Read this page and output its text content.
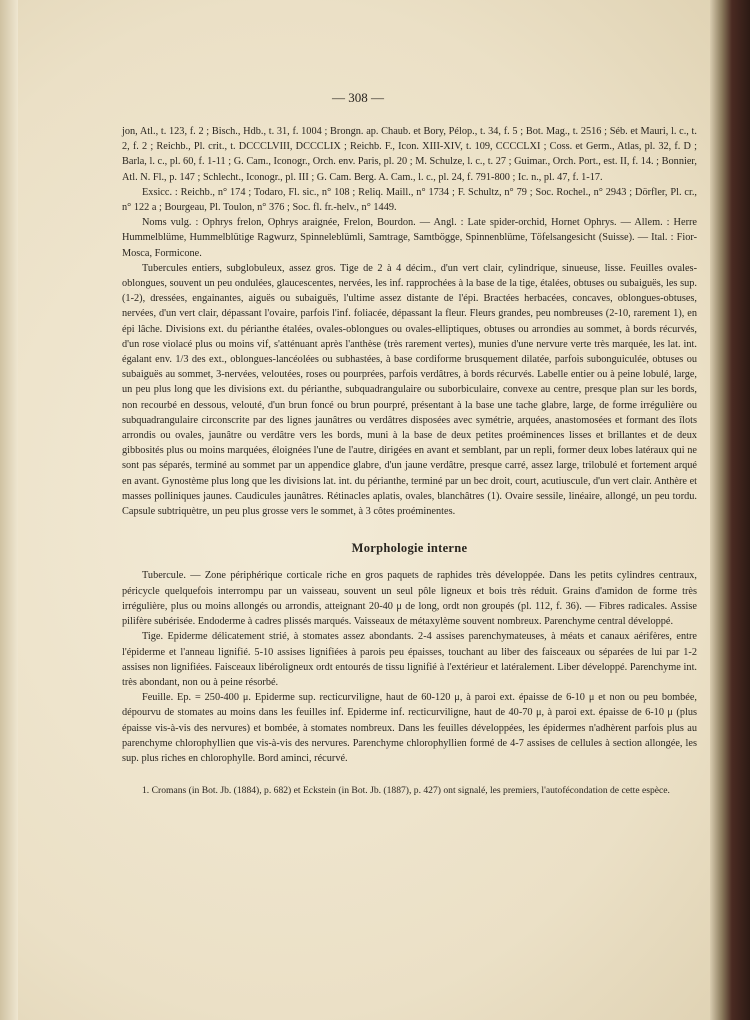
— 308 —

jon, Atl., t. 123, f. 2 ; Bisch., Hdb., t. 31, f. 1004 ; Brongn. ap. Chaub. et Bory, Pélop., t. 34, f. 5 ; Bot. Mag., t. 2516 ; Séb. et Mauri, l. c., t. 2, f. 2 ; Reichb., Pl. crit., t. DCCCLVIII, DCCCLIX ; Reichb. F., Icon. XIII-XIV, t. 109, CCCCLXI ; Coss. et Germ., Atlas, pl. 32, f. D ; Barla, l. c., pl. 60, f. 1-11 ; G. Cam., Iconogr., Orch. env. Paris, pl. 20 ; M. Schulze, l. c., t. 27 ; Guimar., Orch. Port., est. II, f. 14. ; Bonnier, Atl. N. Fl., p. 147 ; Schlecht., Iconogr., pl. III ; G. Cam. Berg. A. Cam., l. c., pl. 24, f. 791-800 ; Ic. n., pl. 47, f. 1-17.

Exsicc. : Reichb., n° 174 ; Todaro, Fl. sic., n° 108 ; Reliq. Maill., n° 1734 ; F. Schultz, n° 79 ; Soc. Rochel., n° 2943 ; Dörfler, Pl. cr., n° 122 a ; Bourgeau, Pl. Toulon, n° 376 ; Soc. fl. fr.-helv., n° 1449.

Noms vulg. : Ophrys frelon, Ophrys araignée, Frelon, Bourdon. — Angl. : Late spider-orchid, Hornet Ophrys. — Allem. : Herre Hummelblüme, Hummelblütige Ragwurz, Spinneleblümli, Samtrage, Samtbögge, Spinnenblüme, Töfelsangesicht (Suisse). — Ital. : Fior-Mosca, Formicone.

Tubercules entiers, subglobuleux, assez gros. Tige de 2 à 4 décim., d'un vert clair, cylindrique, sinueuse, lisse. Feuilles ovales-oblongues, souvent un peu ondulées, glaucescentes, nervées, les inf. rapprochées à la base de la tige, étalées, obtuses ou subaiguës, les sup. (1-2), dressées, engainantes, aiguës ou subaiguës, l'ultime assez distante de l'épi. Bractées herbacées, concaves, oblongues-obtuses, nervées, d'un vert clair, dépassant l'ovaire, parfois l'inf. foliacée, dépassant la fleur. Fleurs grandes, peu nombreuses (2-10, rarement 1), en épi lâche. Divisions ext. du périanthe étalées, ovales-oblongues ou ovales-elliptiques, obtuses ou arrondies au sommet, à bords récurvés, d'un rose violacé plus ou moins vif, s'atténuant après l'anthèse (très rarement vertes), munies d'une nervure verte très marquée, les lat. int. égalant env. 1/3 des ext., oblongues-lancéolées ou subhastées, à base cordiforme brusquement dilatée, parfois subonguiculée, obtuses ou subaiguës au sommet, 3-nervées, veloutées, roses ou pourprées, parfois verdâtres, à bords récurvés. Labelle entier ou à peine lobulé, large, un peu plus long que les divisions ext. du périanthe, subquadrangulaire ou suborbiculaire, convexe au centre, presque plan sur les bords, non recourbé en dessous, velouté, d'un brun foncé ou brun pourpré, présentant à la base une tache glabre, large, de forme irrégulière ou subquadrangulaire circonscrite par des lignes jaunâtres ou verdâtres disposées avec symétrie, arquées, anastomosées et formant des îlots arrondis ou ovales, jaunâtre ou verdâtre vers les bords, muni à la base de deux petites proéminences lisses et brillantes et de deux gibbosités plus ou moins marquées, éloignées l'une de l'autre, dirigées en avant et semblant, par un repli, former deux lobes latéraux qui ne sont pas séparés, terminé au sommet par un appendice glabre, d'un jaune verdâtre, presque carré, assez large, trilobulé et fortement arqué en avant. Gynostème plus long que les divisions lat. int. du périanthe, terminé par un bec droit, court, acutiuscule, d'un vert clair. Anthère et masses polliniques jaunes. Caudicules jaunâtres. Rétinacles aplatis, ovales, blanchâtres (1). Ovaire sessile, linéaire, allongé, un peu tordu. Capsule subtriquètre, un peu plus grosse vers le sommet, à 3 côtes proéminentes.

Morphologie interne

Tubercule. — Zone périphérique corticale riche en gros paquets de raphides très développée. Dans les petits cylindres centraux, péricycle quelquefois interrompu par un vaisseau, souvent un seul pôle ligneux et bois très réduit. Grains d'amidon de forme très irrégulière, plus ou moins allongés ou arrondis, atteignant 20-40 μ de long, ordt non groupés (pl. 112, f. 36). — Fibres radicales. Assise pilifère subérisée. Endoderme à cadres plissés marqués. Vaisseaux de métaxylème souvent nombreux. Parenchyme central développé.

Tige. Epiderme délicatement strié, à stomates assez abondants. 2-4 assises parenchymateuses, à méats et canaux aérifères, entre l'épiderme et l'anneau lignifié. 5-10 assises lignifiées à parois peu épaisses, touchant au liber des faisceaux ou séparées de lui par 1-2 assises non lignifiées. Faisceaux libéroligneux ordt entourés de tissu lignifié à l'extérieur et latéralement. Liber développé. Parenchyme int. très abondant, non ou à peine résorbé.

Feuille. Ep. = 250-400 μ. Epiderme sup. recticurviligne, haut de 60-120 μ, à paroi ext. épaisse de 6-10 μ et non ou peu bombée, dépourvu de stomates au moins dans les feuilles inf. Epiderme inf. recticurviligne, haut de 40-70 μ, à paroi ext. épaisse de 6-10 μ (plus épaisse vis-à-vis des nervures) et bombée, à stomates nombreux. Dans les feuilles développées, les épidermes n'adhèrent parfois plus au parenchyme chlorophyllien que vis-à-vis des nervures. Parenchyme chlorophyllien formé de 4-7 assises de cellules à section allongée, les sup. plus riches en chlorophylle. Bord aminci, récurvé.

1. Cromans (in Bot. Jb. (1884), p. 682) et Eckstein (in Bot. Jb. (1887), p. 427) ont signalé, les premiers, l'autofécondation de cette espèce.
